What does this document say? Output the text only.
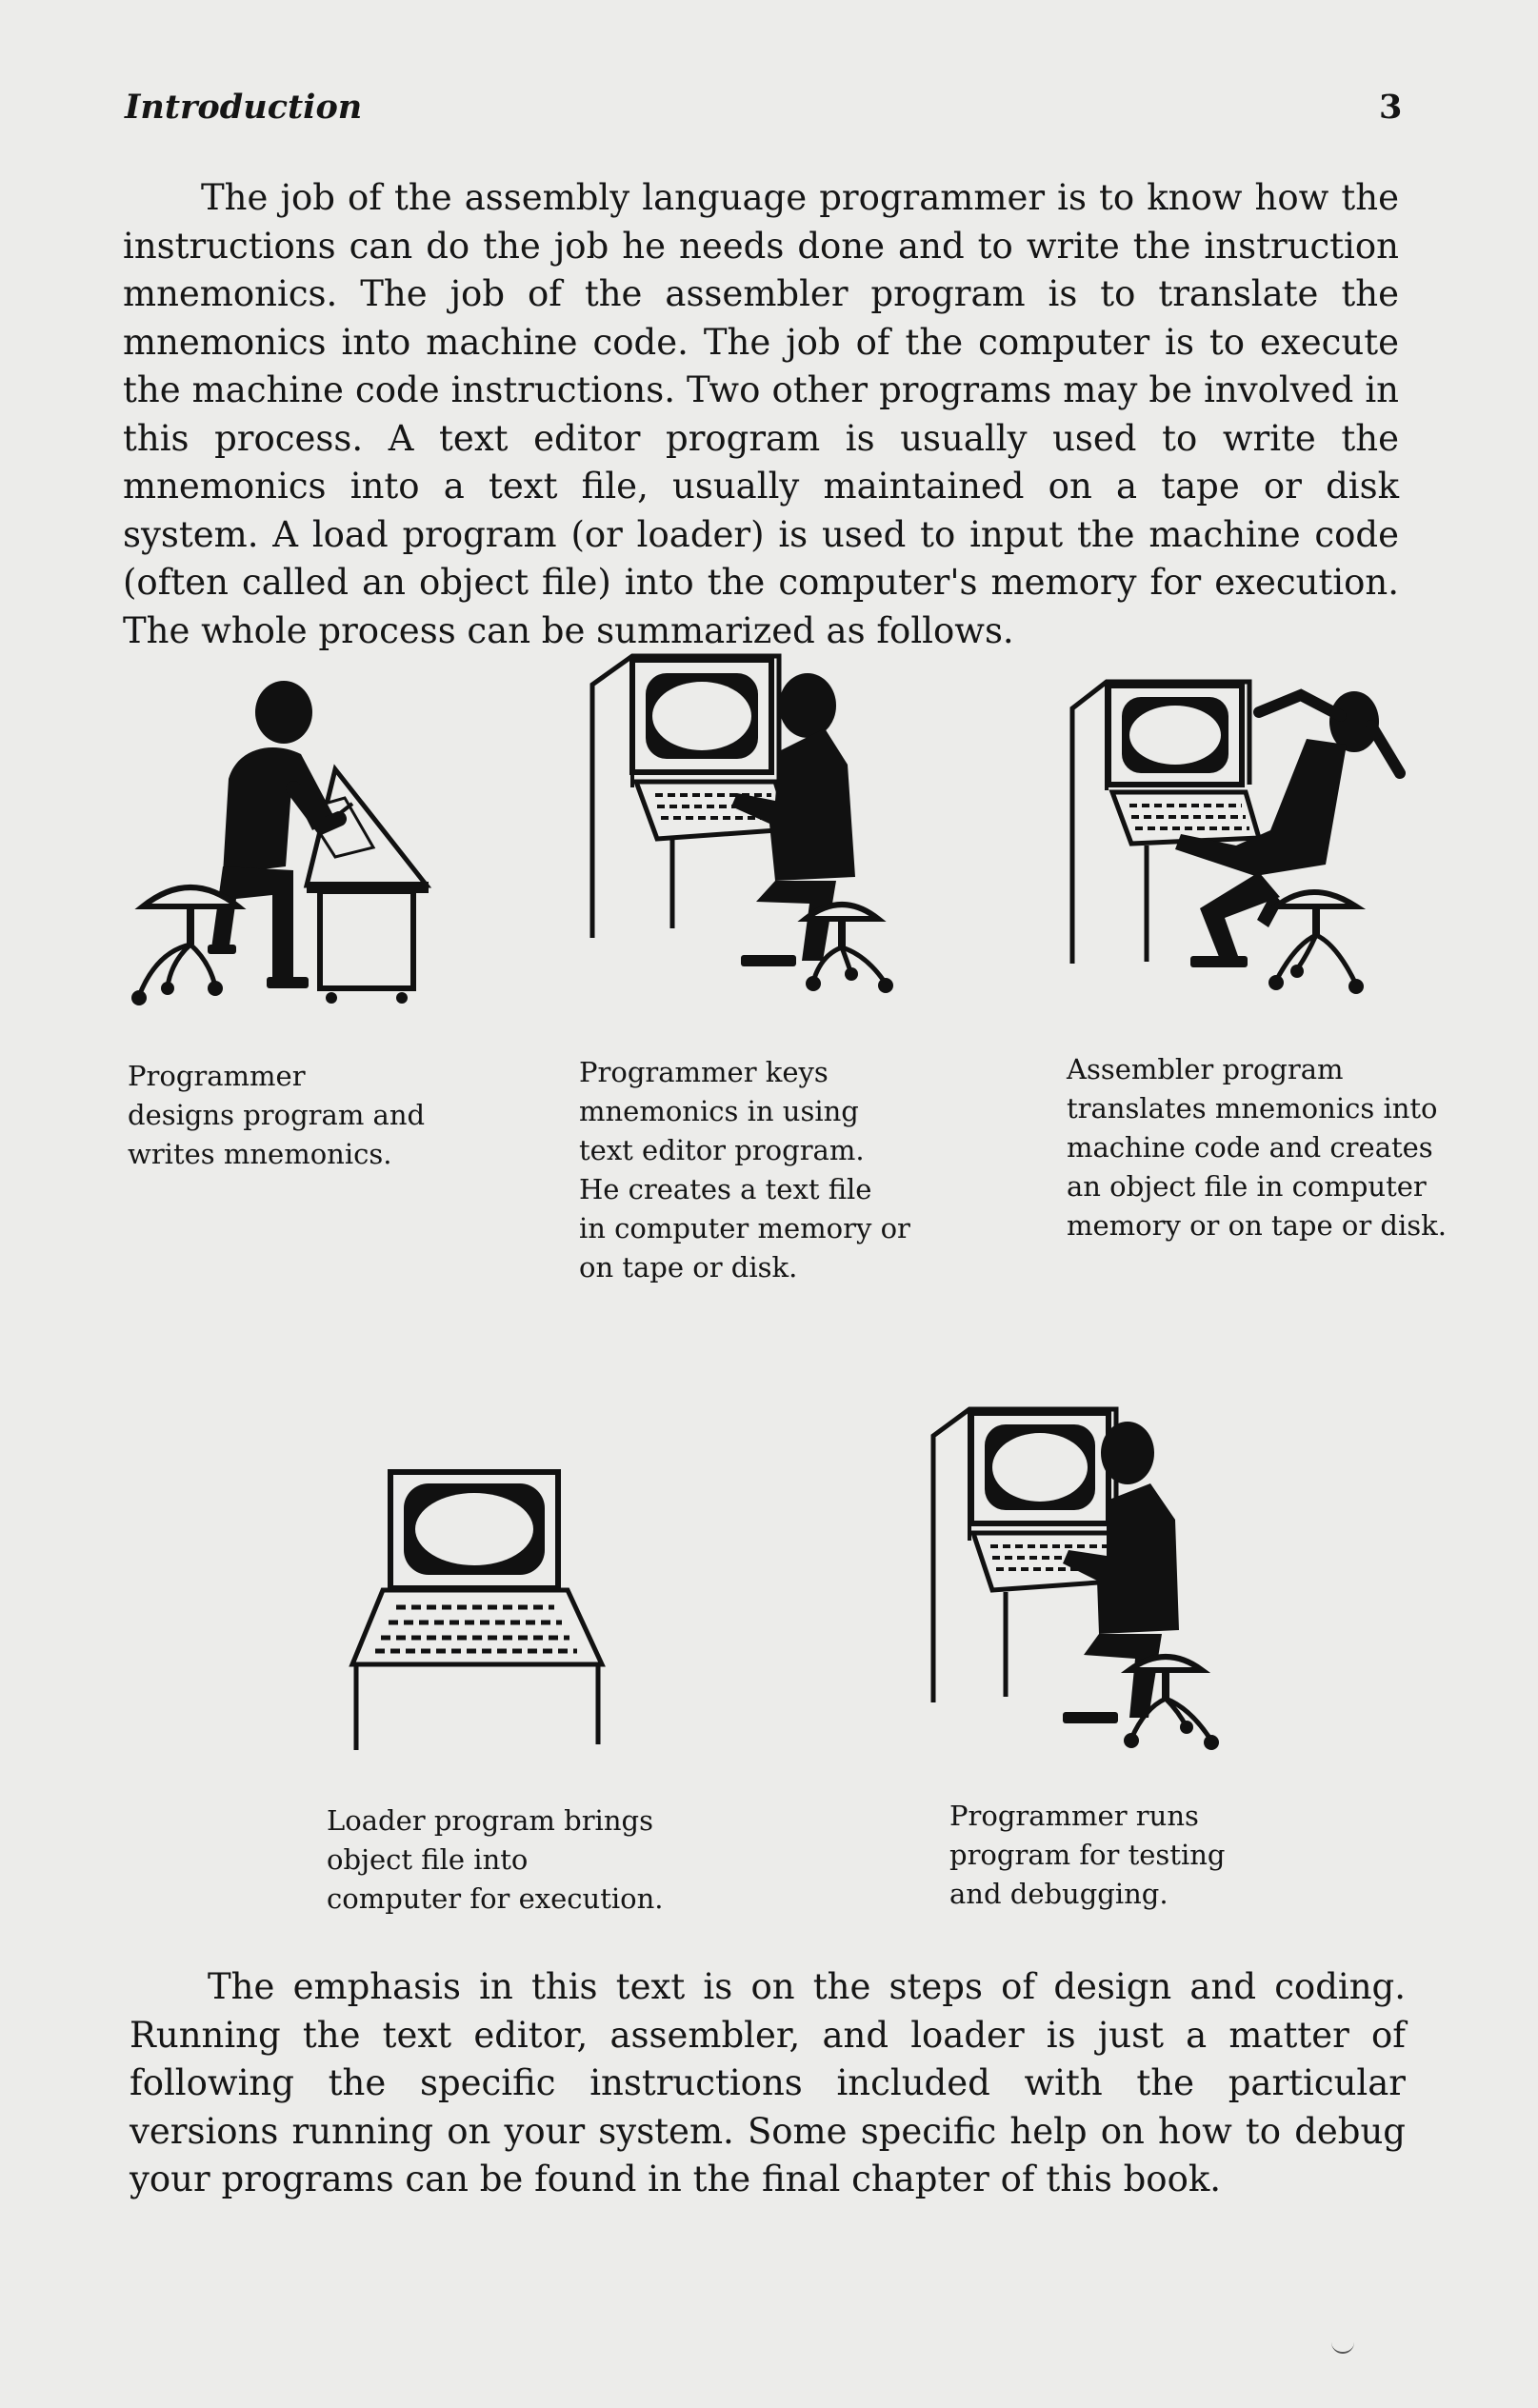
Introduction	3

The job of the assembly language programmer is to know how the instructions can do the job he needs done and to write the instruction mnemonics. The job of the assembler program is to translate the mnemonics into machine code. The job of the computer is to execute the machine code instructions. Two other programs may be involved in this process. A text editor program is usually used to write the mnemonics into a text file, usually maintained on a tape or disk system. A load program (or loader) is used to input the machine code (often called an object file) into the computer's memory for execution. The whole process can be summarized as follows.

Programmer
designs program and
writes mnemonics.

Programmer keys
mnemonics in using
text editor program.
He creates a text file
in computer memory or
on tape or disk.

Assembler program
translates mnemonics into
machine code and creates
an object file in computer
memory or on tape or disk.

Loader program brings
object file into
computer for execution.

Programmer runs
program for testing
and debugging.

The emphasis in this text is on the steps of design and coding. Running the text editor, assembler, and loader is just a matter of following the specific instructions included with the particular versions running on your system. Some specific help on how to debug your programs can be found in the final chapter of this book.
